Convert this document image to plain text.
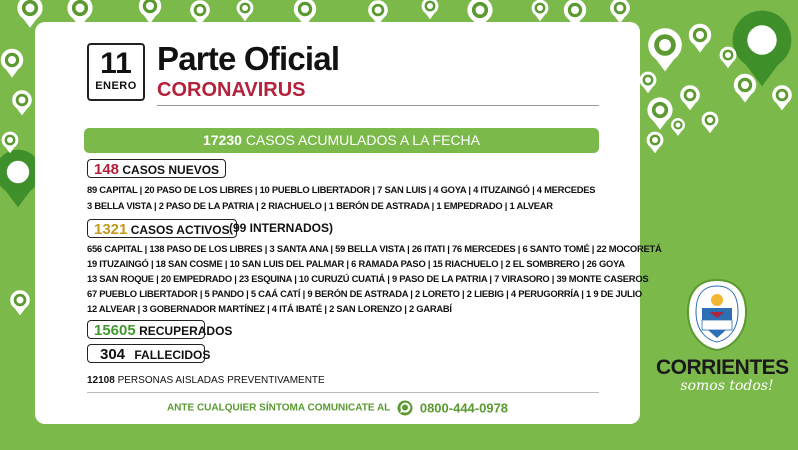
11
ENERO
Parte Oficial
CORONAVIRUS
17230 CASOS ACUMULADOS A LA FECHA
148 CASOS NUEVOS
89 CAPITAL | 20 PASO DE LOS LIBRES | 10 PUEBLO LIBERTADOR | 7 SAN LUIS | 4 GOYA | 4 ITUZAINGÓ | 4 MERCEDES
3 BELLA VISTA | 2 PASO DE LA PATRIA | 2 RIACHUELO | 1 BERÓN DE ASTRADA | 1 EMPEDRADO | 1 ALVEAR
1321 CASOS ACTIVOS (99 INTERNADOS)
656 CAPITAL | 138 PASO DE LOS LIBRES | 3 SANTA ANA | 59 BELLA VISTA | 26 ITATI | 76 MERCEDES | 6 SANTO TOMÉ | 22 MOCORETÁ
19 ITUZAINGÓ | 18 SAN COSME | 10 SAN LUIS DEL PALMAR | 6 RAMADA PASO | 15 RIACHUELO | 2 EL SOMBRERO | 26 GOYA
13 SAN ROQUE | 20 EMPEDRADO | 23 ESQUINA | 10 CURUZÚ CUATIÁ | 9 PASO DE LA PATRIA | 7 VIRASORO | 39 MONTE CASEROS
67 PUEBLO LIBERTADOR | 5 PANDO | 5 CAÁ CATÍ | 9 BERÓN DE ASTRADA | 2 LORETO | 2 LIEBIG | 4 PERUGORRÍA | 1 9 DE JULIO
12 ALVEAR | 3 GOBERNADOR MARTÍNEZ | 4 ITÁ IBATÉ | 2 SAN LORENZO | 2 GARABÍ
15605 RECUPERADOS
304 FALLECIDOS
12108 PERSONAS AISLADAS PREVENTIVAMENTE
ANTE CUALQUIER SÍNTOMA COMUNICATE AL 0800-444-0978
CORRIENTES
somos todos!
